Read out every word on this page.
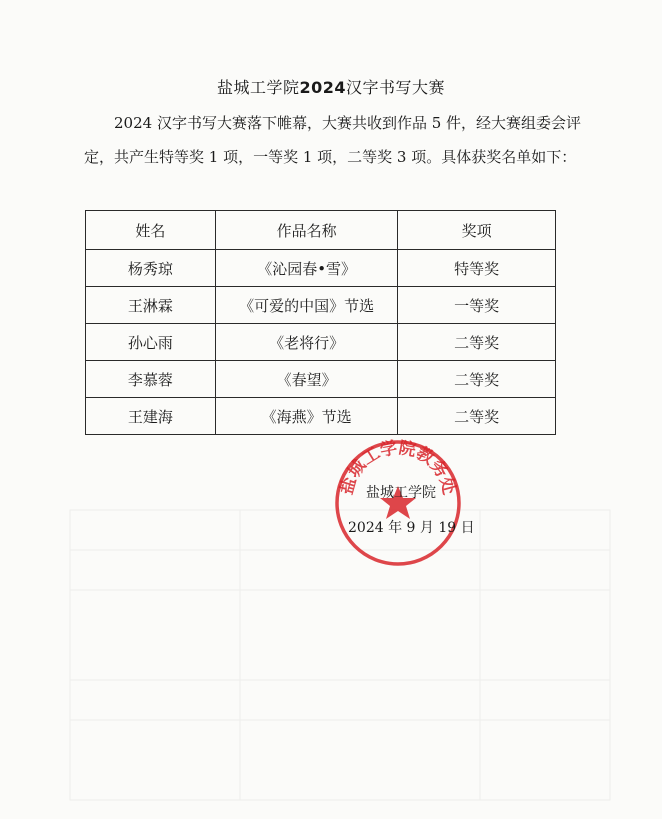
盐城工学院2024汉字书写大赛
2024 汉字书写大赛落下帷幕，大赛共收到作品 5 件，经大赛组委会评定，共产生特等奖 1 项，一等奖 1 项，二等奖 3 项。具体获奖名单如下：
姓名	作品名称	奖项
杨秀琼	《沁园春•雪》	特等奖
王淋霖	《可爱的中国》节选	一等奖
孙心雨	《老将行》	二等奖
李慕蓉	《春望》	二等奖
王建海	《海燕》节选	二等奖
盐城工学院教务处
盐城工学院
2024 年 9 月 19 日
